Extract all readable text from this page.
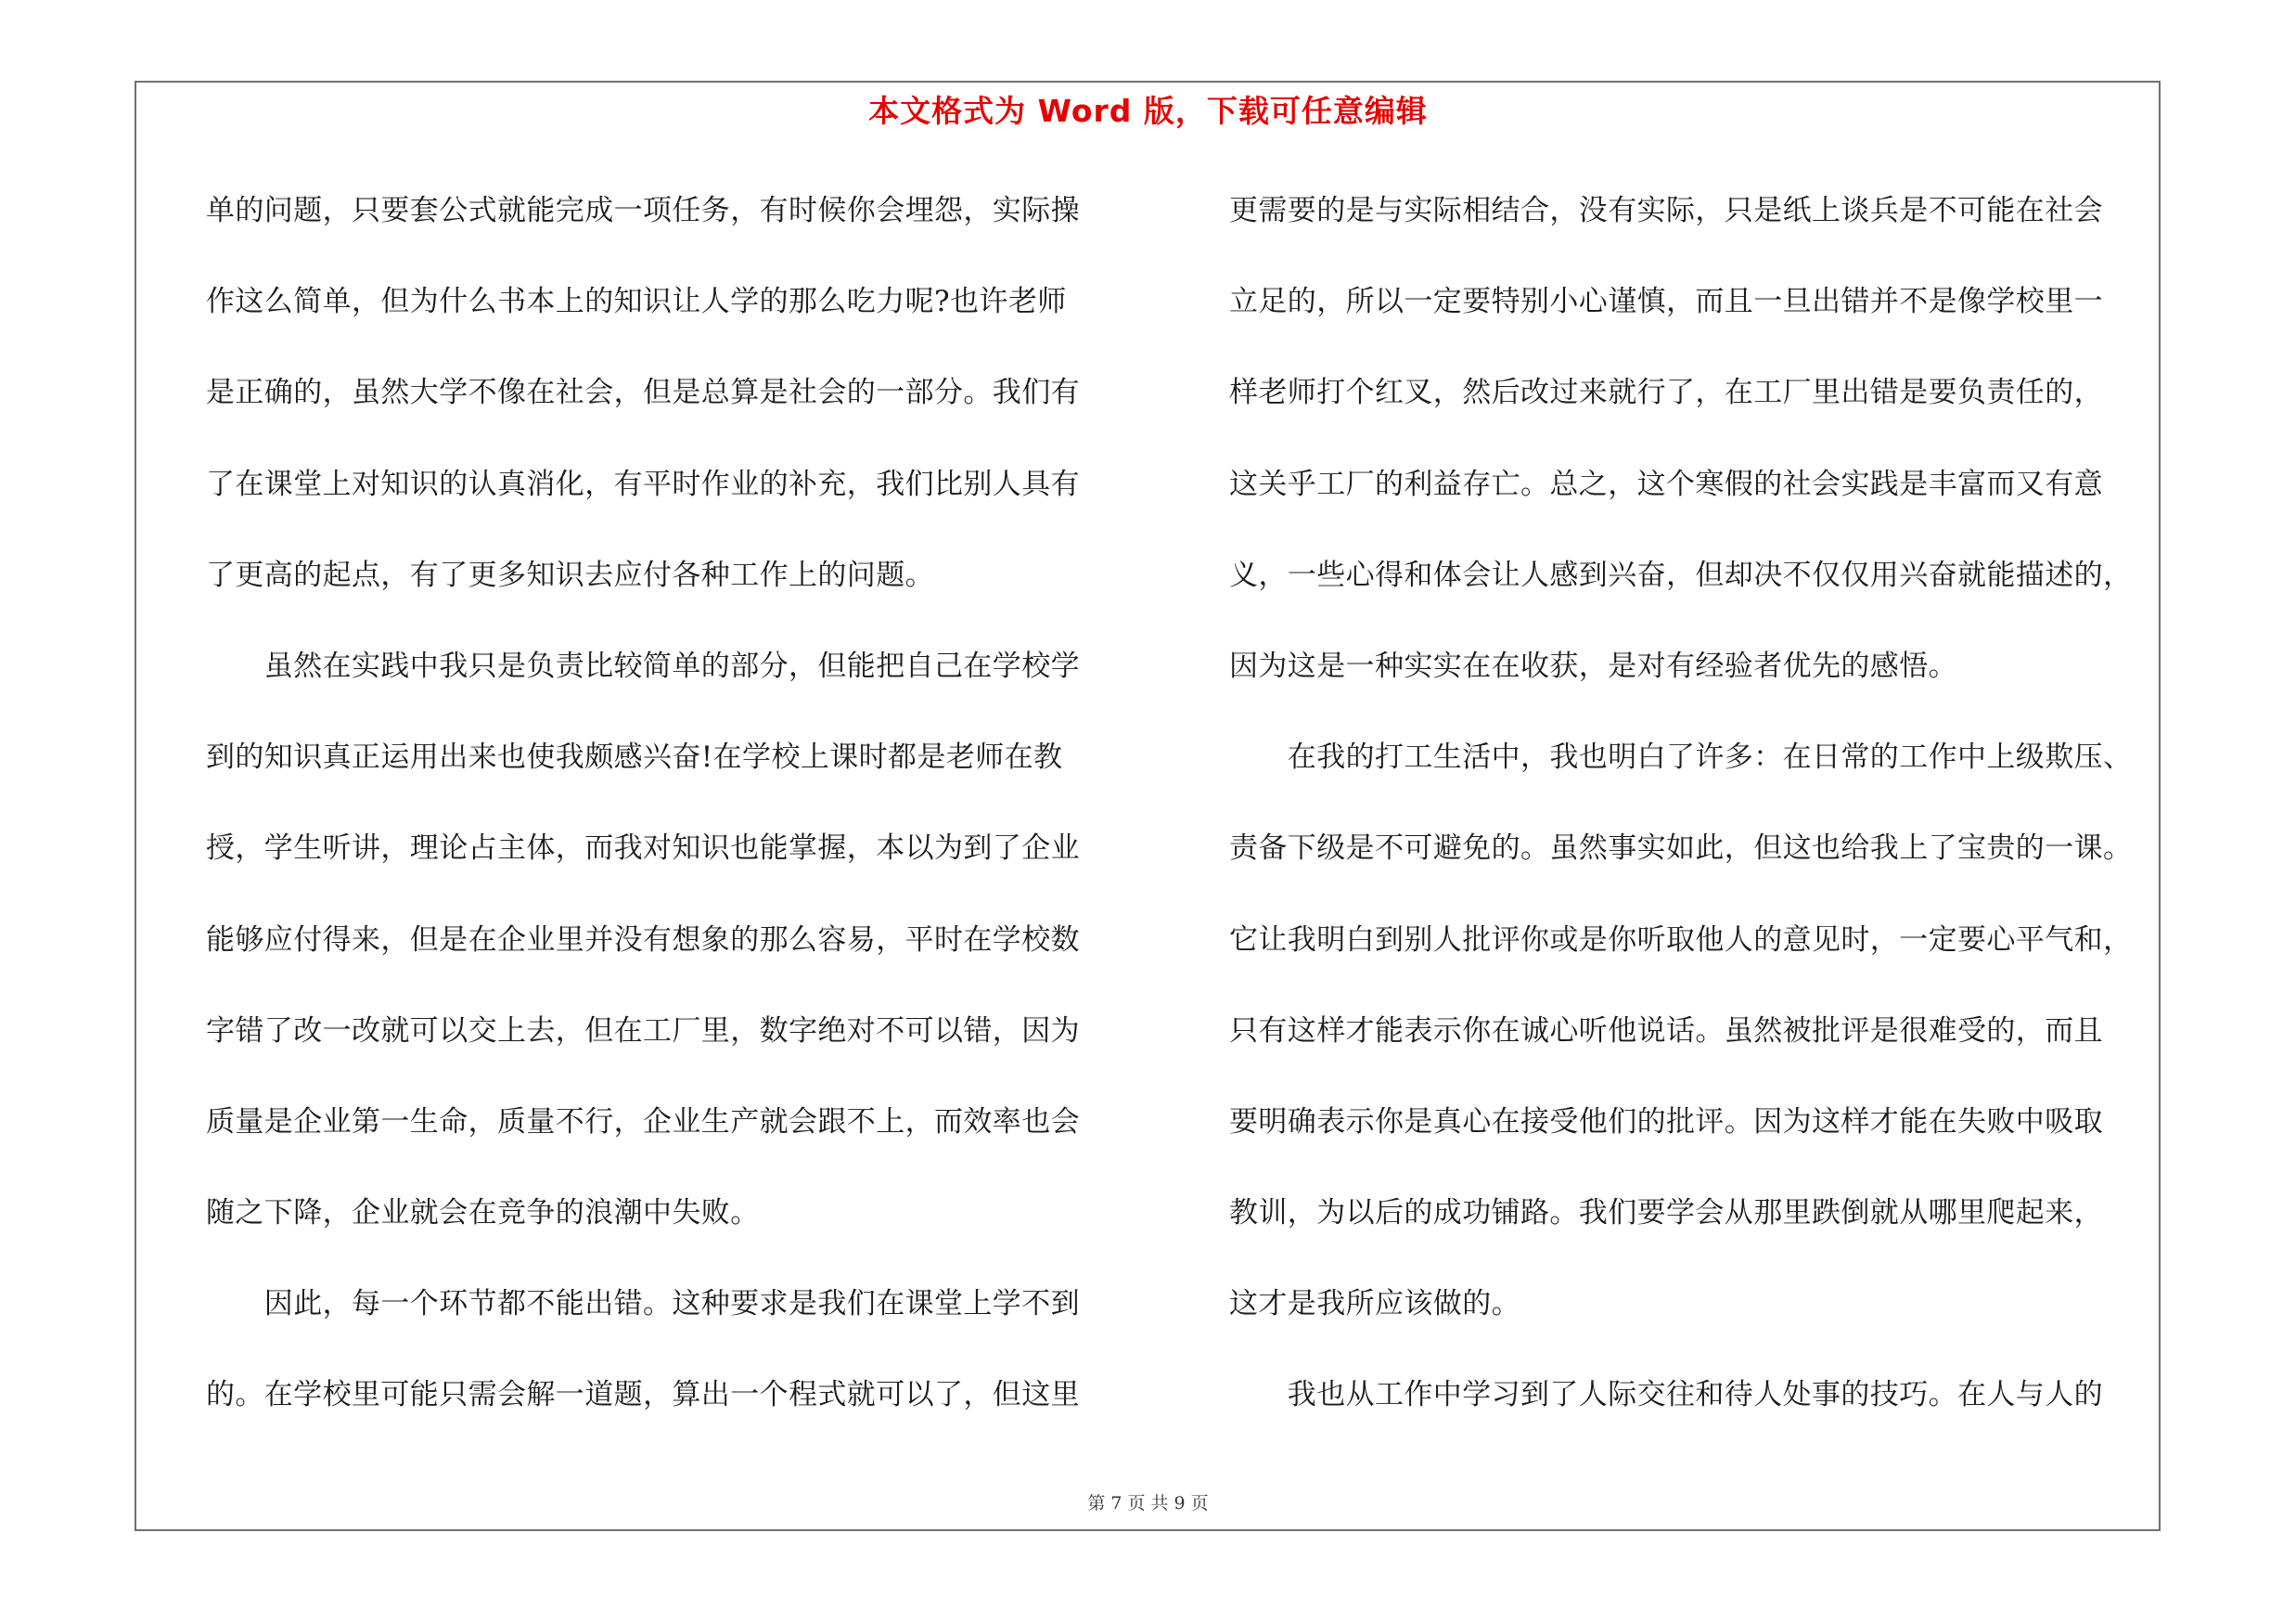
本文格式为 Word 版，下载可任意编辑
单的问题，只要套公式就能完成一项任务，有时候你会埋怨，实际操
作这么简单，但为什么书本上的知识让人学的那么吃力呢?也许老师
是正确的，虽然大学不像在社会，但是总算是社会的一部分。我们有
了在课堂上对知识的认真消化，有平时作业的补充，我们比别人具有
了更高的起点，有了更多知识去应付各种工作上的问题。
　　虽然在实践中我只是负责比较简单的部分，但能把自己在学校学
到的知识真正运用出来也使我颇感兴奋!在学校上课时都是老师在教
授，学生听讲，理论占主体，而我对知识也能掌握，本以为到了企业
能够应付得来，但是在企业里并没有想象的那么容易，平时在学校数
字错了改一改就可以交上去，但在工厂里，数字绝对不可以错，因为
质量是企业第一生命，质量不行，企业生产就会跟不上，而效率也会
随之下降，企业就会在竞争的浪潮中失败。
　　因此，每一个环节都不能出错。这种要求是我们在课堂上学不到
的。在学校里可能只需会解一道题，算出一个程式就可以了，但这里
更需要的是与实际相结合，没有实际，只是纸上谈兵是不可能在社会
立足的，所以一定要特别小心谨慎，而且一旦出错并不是像学校里一
样老师打个红叉，然后改过来就行了，在工厂里出错是要负责任的，
这关乎工厂的利益存亡。总之，这个寒假的社会实践是丰富而又有意
义，一些心得和体会让人感到兴奋，但却决不仅仅用兴奋就能描述的，
因为这是一种实实在在收获，是对有经验者优先的感悟。
　　在我的打工生活中，我也明白了许多：在日常的工作中上级欺压、
责备下级是不可避免的。虽然事实如此，但这也给我上了宝贵的一课。
它让我明白到别人批评你或是你听取他人的意见时，一定要心平气和，
只有这样才能表示你在诚心听他说话。虽然被批评是很难受的，而且
要明确表示你是真心在接受他们的批评。因为这样才能在失败中吸取
教训，为以后的成功铺路。我们要学会从那里跌倒就从哪里爬起来，
这才是我所应该做的。
　　我也从工作中学习到了人际交往和待人处事的技巧。在人与人的
第 7 页 共 9 页
